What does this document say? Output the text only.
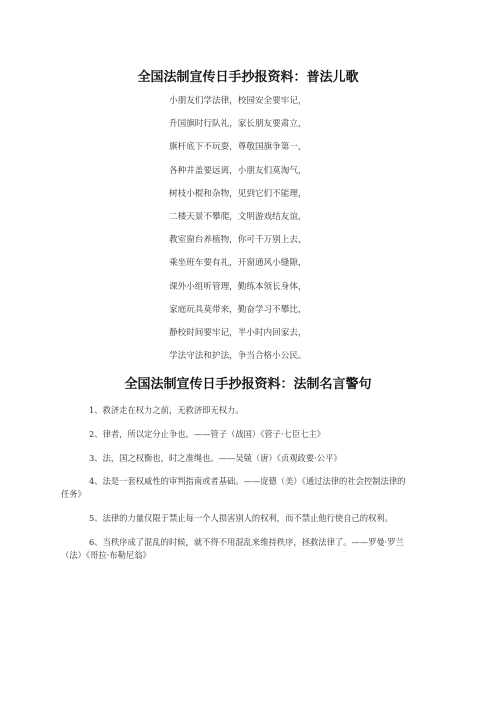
全国法制宣传日手抄报资料：普法儿歌
小朋友们学法律，校园安全要牢记，
升国旗时行队礼，家长朋友要肃立，
旗杆底下不玩耍，尊敬国旗争第一，
各种井盖要远离，小朋友们莫淘气，
树枝小棍和杂物，见到它们不能理，
二楼天景不攀爬，文明游戏结友谊，
教室窗台养植物，你可千万别上去，
乘坐班车要有礼，开窗通风小缝隙，
课外小组听管理，勤练本领长身体，
家庭玩具莫带来，勤奋学习不攀比，
静校时间要牢记，半小时内回家去，
学法守法和护法，争当合格小公民。
全国法制宣传日手抄报资料：法制名言警句

1、救济走在权力之前，无救济即无权力。

2、律者，所以定分止争也。——管子（战国）《管子·七臣七主》

3、法，国之权衡也，时之准绳也。——吴兢（唐）《贞观政要·公平》

4、法是一套权威性的审判指南或者基础。——庞德（美）《通过法律的社会控制法律的任务》

5、法律的力量仅限于禁止每一个人损害别人的权利，而不禁止他行使自己的权利。

6、当秩序成了混乱的时候，就不得不用混乱来维持秩序，拯救法律了。——罗曼·罗兰（法）《哥拉·布勒尼翁》
